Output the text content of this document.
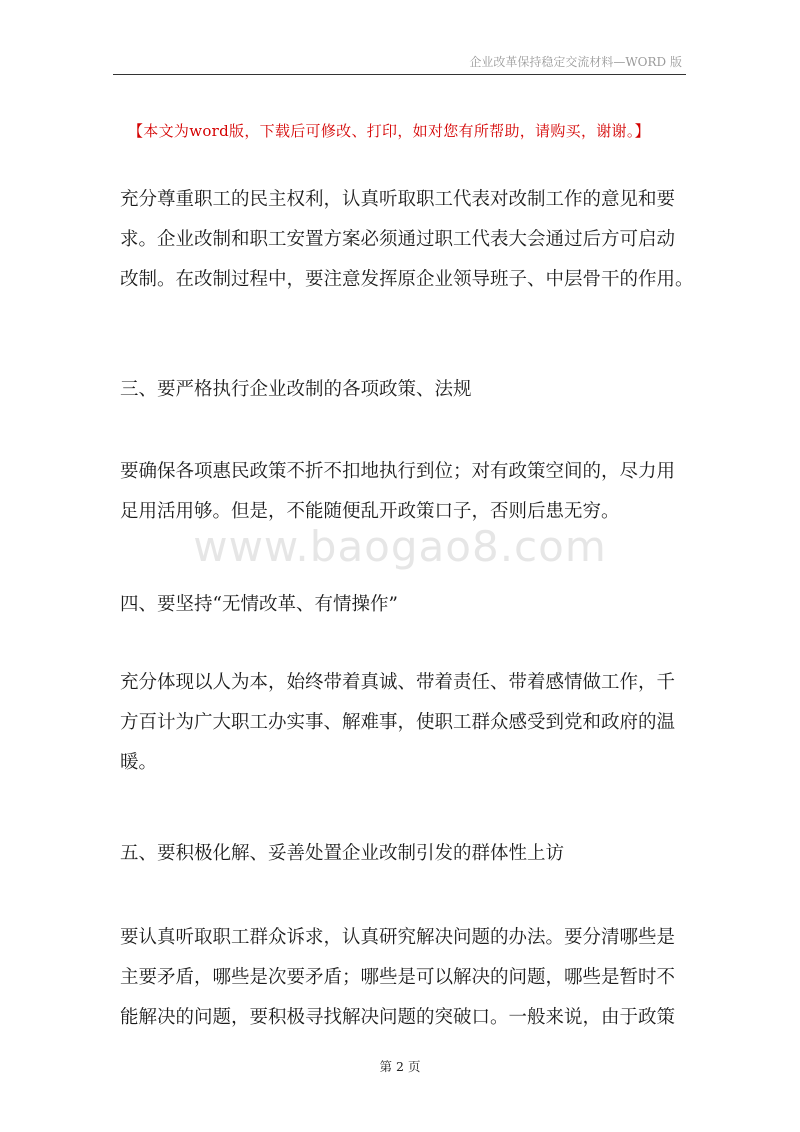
企业改革保持稳定交流材料—WORD 版
【本文为word版，下载后可修改、打印，如对您有所帮助，请购买，谢谢。】
www.baogao8.com
充分尊重职工的民主权利，认真听取职工代表对改制工作的意见和要
求。企业改制和职工安置方案必须通过职工代表大会通过后方可启动
改制。在改制过程中，要注意发挥原企业领导班子、中层骨干的作用。
三、要严格执行企业改制的各项政策、法规
要确保各项惠民政策不折不扣地执行到位；对有政策空间的，尽力用
足用活用够。但是，不能随便乱开政策口子，否则后患无穷。
四、要坚持“无情改革、有情操作”
充分体现以人为本，始终带着真诚、带着责任、带着感情做工作，千
方百计为广大职工办实事、解难事，使职工群众感受到党和政府的温
暖。
五、要积极化解、妥善处置企业改制引发的群体性上访
要认真听取职工群众诉求，认真研究解决问题的办法。要分清哪些是
主要矛盾，哪些是次要矛盾；哪些是可以解决的问题，哪些是暂时不
能解决的问题，要积极寻找解决问题的突破口。一般来说，由于政策
第 2 页
